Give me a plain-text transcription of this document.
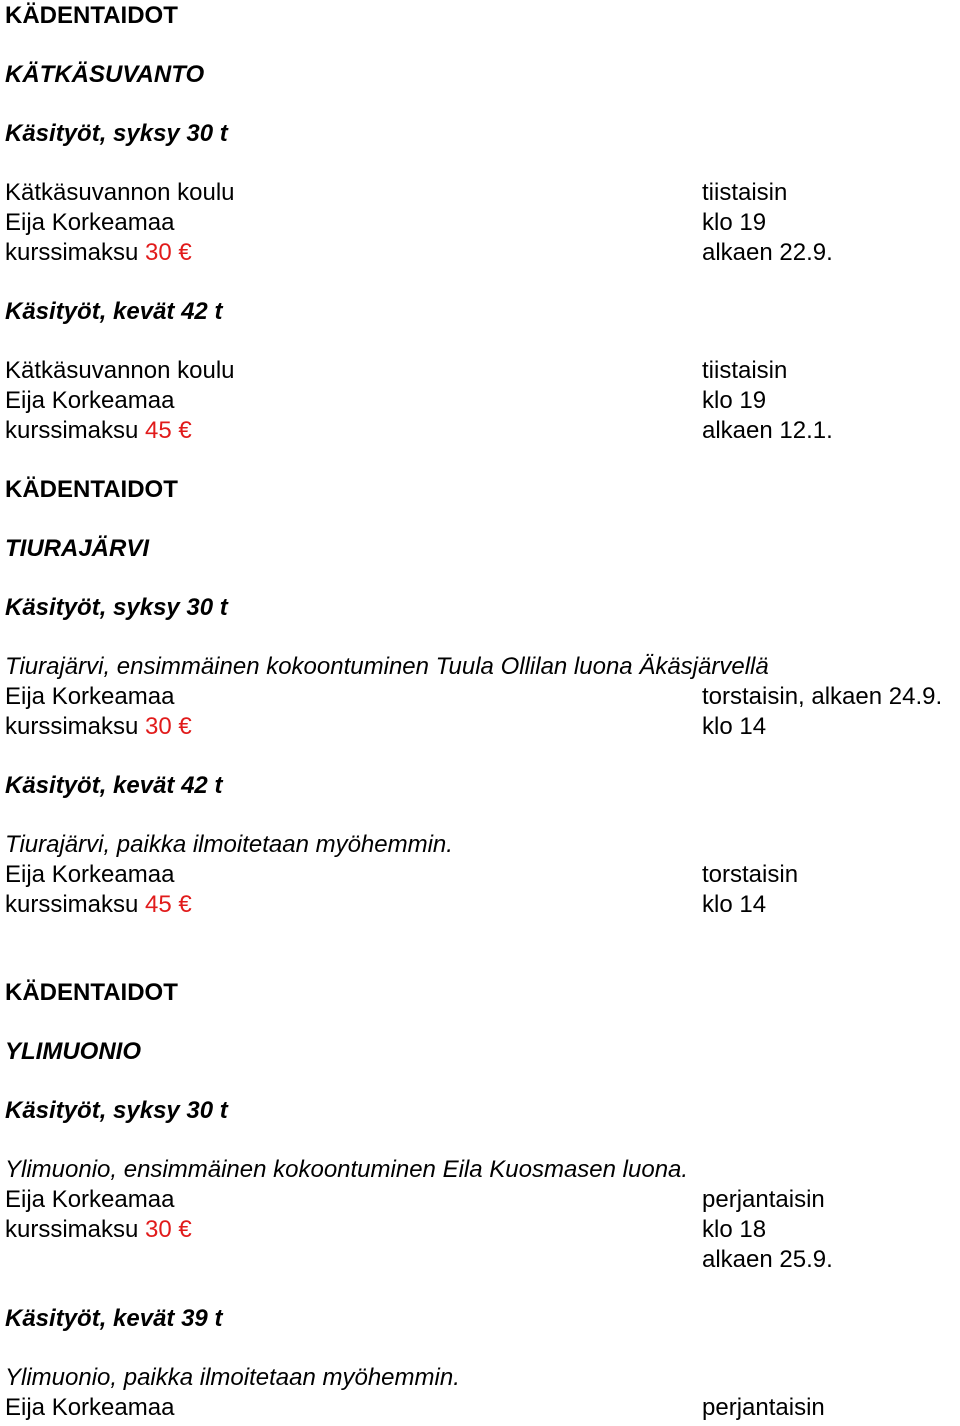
KÄDENTAIDOT
KÄTKÄSUVANTO
Käsityöt, syksy 30 t
Kätkäsuvannon koulu	tiistaisin
Eija Korkeamaa	klo 19
kurssimaksu 30 €	alkaen 22.9.
Käsityöt, kevät 42 t
Kätkäsuvannon koulu	tiistaisin
Eija Korkeamaa	klo 19
kurssimaksu 45 €	alkaen 12.1.
KÄDENTAIDOT
TIURAJÄRVI
Käsityöt, syksy 30 t
Tiurajärvi, ensimmäinen kokoontuminen Tuula Ollilan luona Äkäsjärvellä
Eija Korkeamaa	torstaisin, alkaen 24.9.
kurssimaksu 30 €	klo 14
Käsityöt, kevät 42 t
Tiurajärvi, paikka ilmoitetaan myöhemmin.
Eija Korkeamaa	torstaisin
kurssimaksu 45 €	klo 14
KÄDENTAIDOT
YLIMUONIO
Käsityöt, syksy 30 t
Ylimuonio, ensimmäinen kokoontuminen Eila Kuosmasen luona.
Eija Korkeamaa	perjantaisin
kurssimaksu 30 €	klo 18
alkaen 25.9.
Käsityöt, kevät 39 t
Ylimuonio, paikka ilmoitetaan myöhemmin.
Eija Korkeamaa	perjantaisin
